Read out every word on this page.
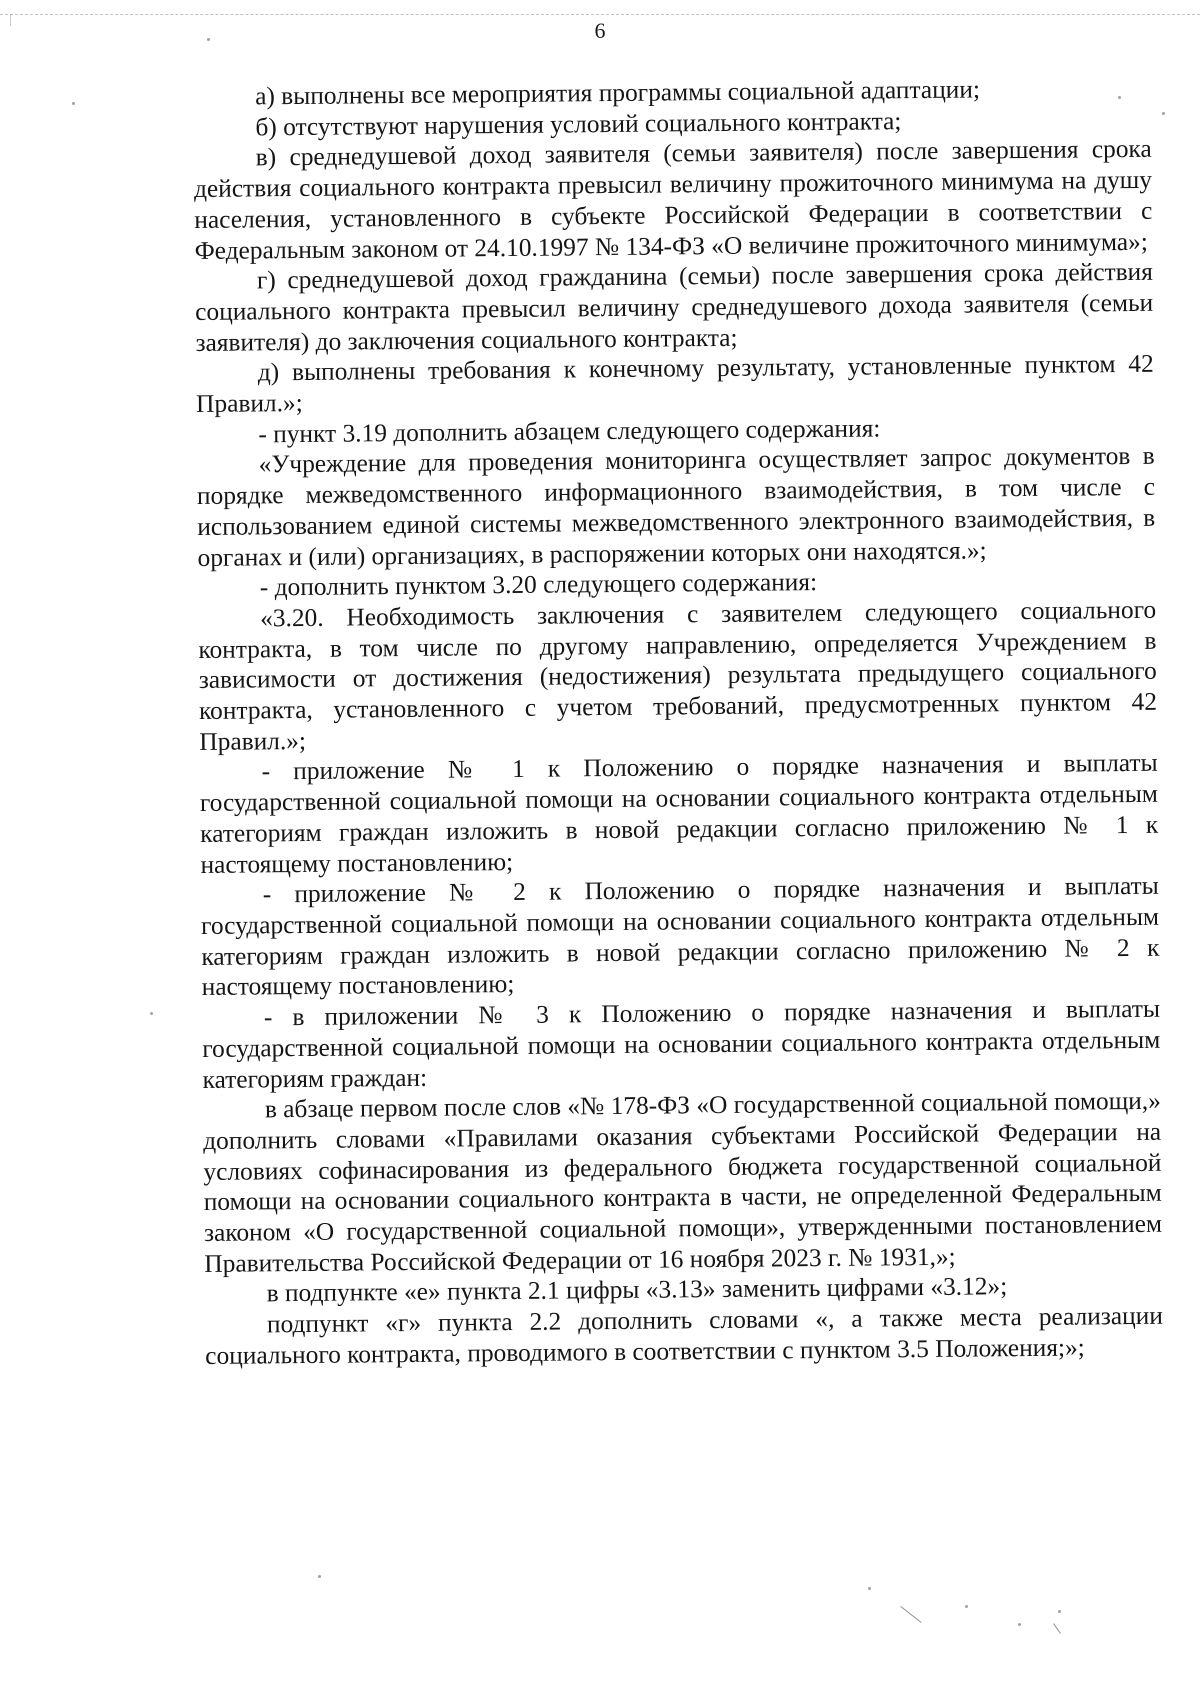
6

а) выполнены все мероприятия программы социальной адаптации;

б) отсутствуют нарушения условий социального контракта;

в) среднедушевой доход заявителя (семьи заявителя) после завершения срока действия социального контракта превысил величину прожиточного минимума на душу населения, установленного в субъекте Российской Федерации в соответствии с Федеральным законом от 24.10.1997 № 134-ФЗ «О величине прожиточного минимума»;

г) среднедушевой доход гражданина (семьи) после завершения срока действия социального контракта превысил величину среднедушевого дохода заявителя (семьи заявителя) до заключения социального контракта;

д) выполнены требования к конечному результату, установленные пунктом 42 Правил.»;

- пункт 3.19 дополнить абзацем следующего содержания:

«Учреждение для проведения мониторинга осуществляет запрос документов в порядке межведомственного информационного взаимодействия, в том числе с использованием единой системы межведомственного электронного взаимодействия, в органах и (или) организациях, в распоряжении которых они находятся.»;

- дополнить пунктом 3.20 следующего содержания:

«3.20. Необходимость заключения с заявителем следующего социального контракта, в том числе по другому направлению, определяется Учреждением в зависимости от достижения (недостижения) результата предыдущего социального контракта, установленного с учетом требований, предусмотренных пунктом 42 Правил.»;

- приложение № 1 к Положению о порядке назначения и выплаты государственной социальной помощи на основании социального контракта отдельным категориям граждан изложить в новой редакции согласно приложению № 1 к настоящему постановлению;

- приложение № 2 к Положению о порядке назначения и выплаты государственной социальной помощи на основании социального контракта отдельным категориям граждан изложить в новой редакции согласно приложению № 2 к настоящему постановлению;

- в приложении № 3 к Положению о порядке назначения и выплаты государственной социальной помощи на основании социального контракта отдельным категориям граждан:

в абзаце первом после слов «№ 178-ФЗ «О государственной социальной помощи,» дополнить словами «Правилами оказания субъектами Российской Федерации на условиях софинасирования из федерального бюджета государственной социальной помощи на основании социального контракта в части, не определенной Федеральным законом «О государственной социальной помощи», утвержденными постановлением Правительства Российской Федерации от 16 ноября 2023 г. № 1931,»;

в подпункте «е» пункта 2.1 цифры «3.13» заменить цифрами «3.12»;

подпункт «г» пункта 2.2 дополнить словами «, а также места реализации социального контракта, проводимого в соответствии с пунктом 3.5 Положения;»;
